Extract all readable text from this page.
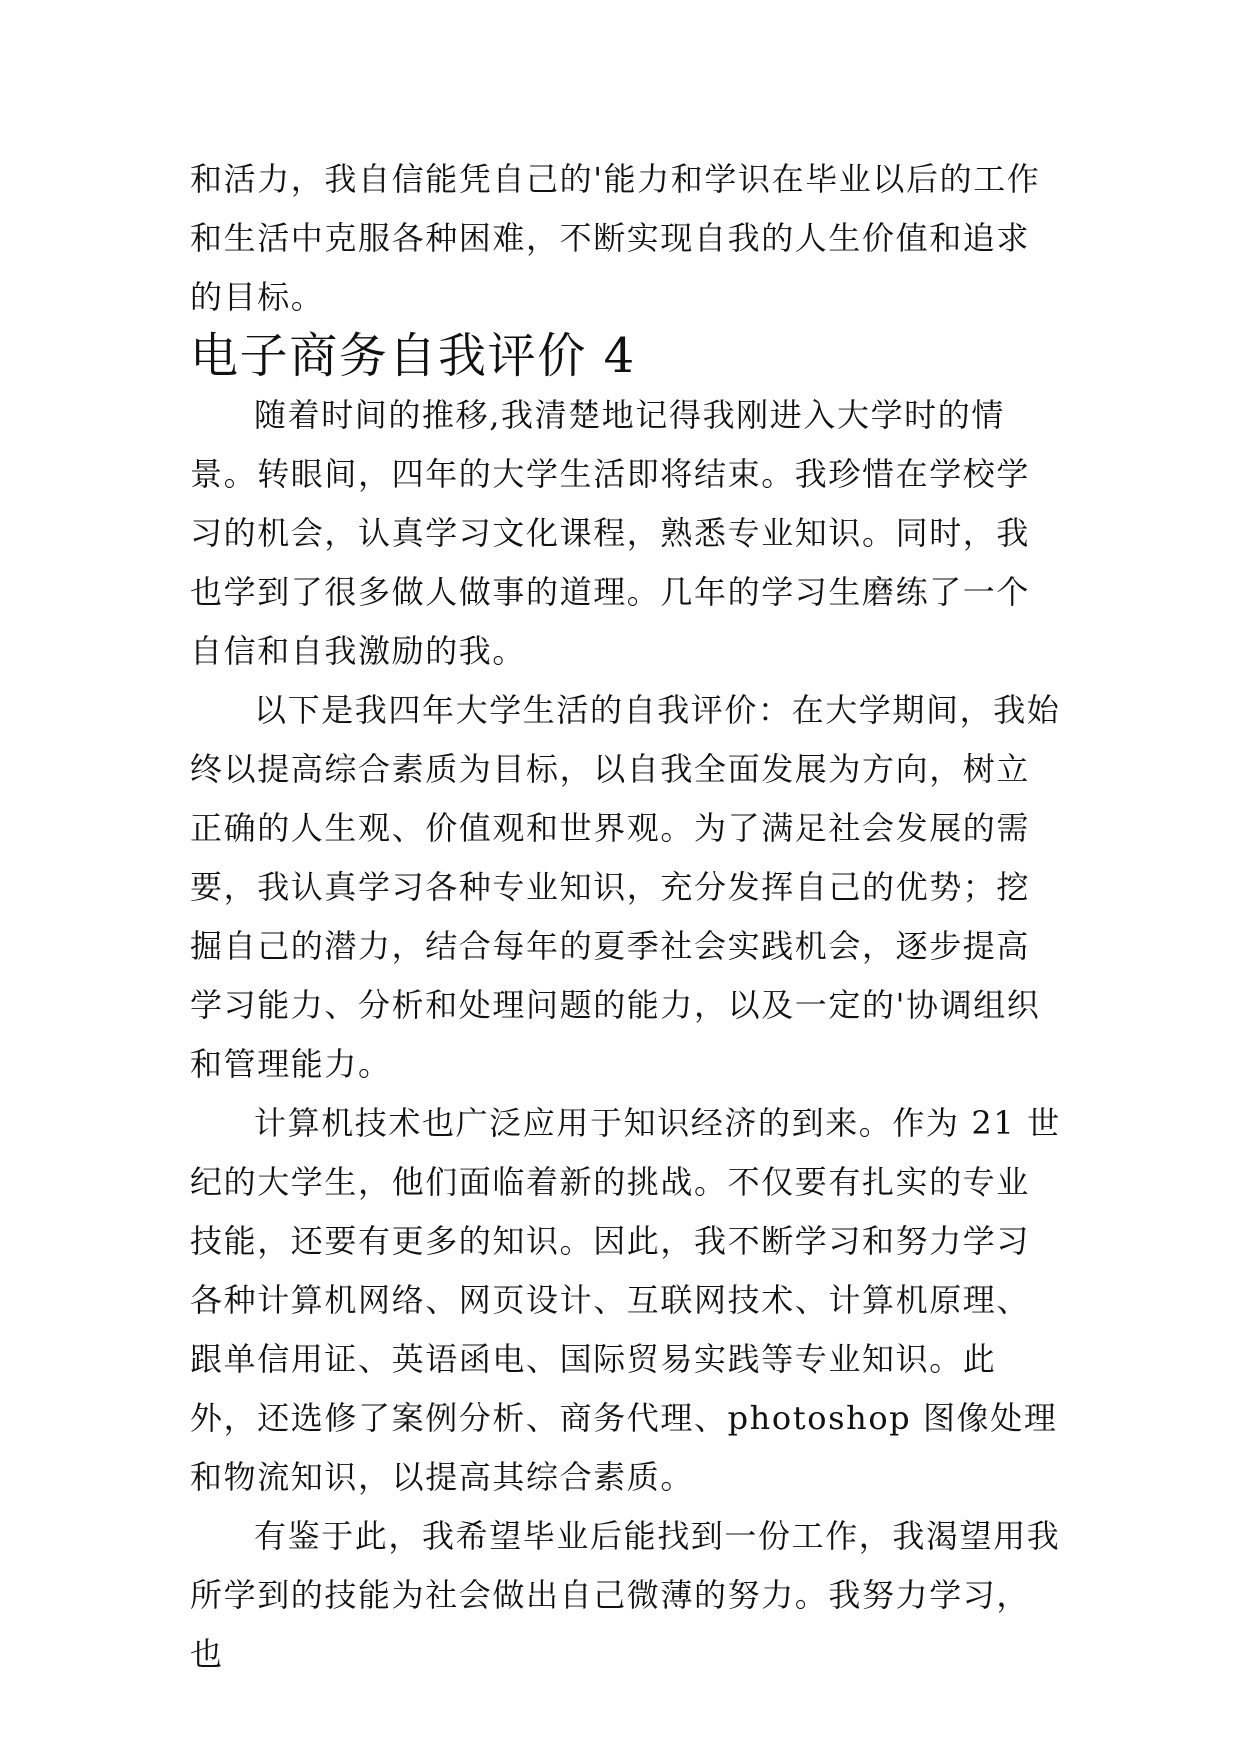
和活力，我自信能凭自己的'能力和学识在毕业以后的工作和生活中克服各种困难，不断实现自我的人生价值和追求的目标。

电子商务自我评价 4

随着时间的推移,我清楚地记得我刚进入大学时的情景。转眼间，四年的大学生活即将结束。我珍惜在学校学习的机会，认真学习文化课程，熟悉专业知识。同时，我也学到了很多做人做事的道理。几年的学习生磨练了一个自信和自我激励的我。

以下是我四年大学生活的自我评价：在大学期间，我始终以提高综合素质为目标，以自我全面发展为方向，树立正确的人生观、价值观和世界观。为了满足社会发展的需要，我认真学习各种专业知识，充分发挥自己的优势；挖掘自己的潜力，结合每年的夏季社会实践机会，逐步提高学习能力、分析和处理问题的能力，以及一定的'协调组织和管理能力。

计算机技术也广泛应用于知识经济的到来。作为 21 世纪的大学生，他们面临着新的挑战。不仅要有扎实的专业技能，还要有更多的知识。因此，我不断学习和努力学习各种计算机网络、网页设计、互联网技术、计算机原理、跟单信用证、英语函电、国际贸易实践等专业知识。此外，还选修了案例分析、商务代理、photoshop 图像处理和物流知识，以提高其综合素质。

有鉴于此，我希望毕业后能找到一份工作，我渴望用我所学到的技能为社会做出自己微薄的努力。我努力学习，也
